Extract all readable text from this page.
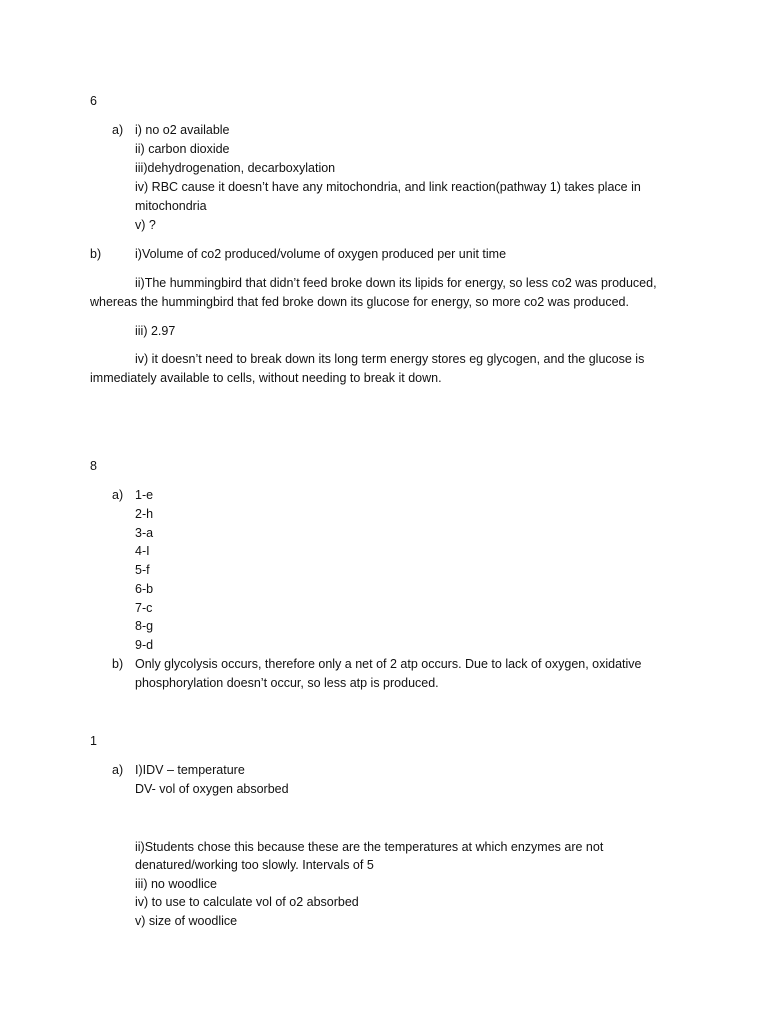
6
a) i) no o2 available
ii) carbon dioxide
iii)dehydrogenation, decarboxylation
iv) RBC cause it doesn’t have any mitochondria, and link reaction(pathway 1) takes place in
mitochondria
v) ?
b)	i)Volume of co2 produced/volume of oxygen produced per unit time
ii)The hummingbird that didn’t feed broke down its lipids for energy, so less co2 was produced,
whereas the hummingbird that fed broke down its glucose for energy, so more co2 was produced.
iii) 2.97
iv) it doesn’t need to break down its long term energy stores eg glycogen, and the glucose is
immediately available to cells, without needing to break it down.
8
a) 1-e
2-h
3-a
4-I
5-f
6-b
7-c
8-g
9-d
b) Only glycolysis occurs, therefore only a net of 2 atp occurs. Due to lack of oxygen, oxidative
phosphorylation doesn’t occur, so less atp is produced.
1
a) I)IDV – temperature
DV- vol of oxygen absorbed
ii)Students chose this because these are the temperatures at which enzymes are not
denatured/working too slowly. Intervals of 5
iii) no woodlice
iv) to use to calculate vol of o2 absorbed
v) size of woodlice
